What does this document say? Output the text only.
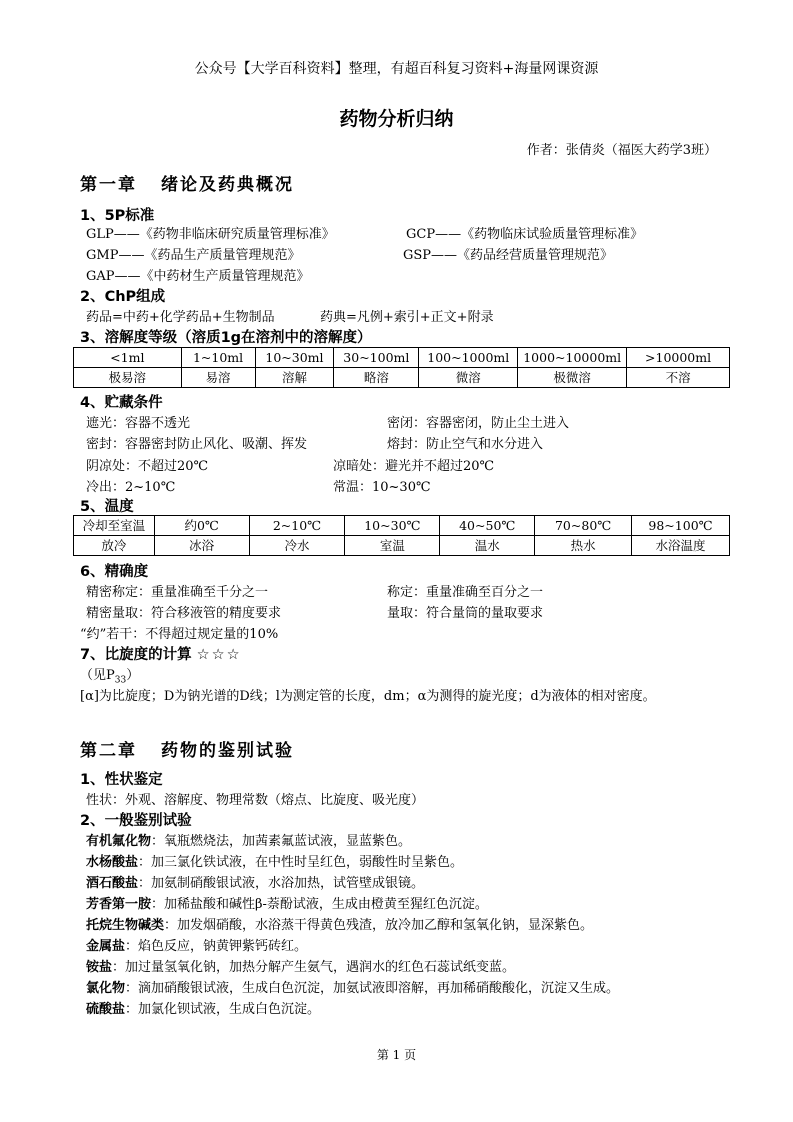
公众号【大学百科资料】整理，有超百科复习资料+海量网课资源
药物分析归纳
作者：张倩炎（福医大药学3班）
第一章 绪论及药典概况
1、5P标准
GLP——《药物非临床研究质量管理标准》	GCP——《药物临床试验质量管理标准》
GMP——《药品生产质量管理规范》	GSP——《药品经营质量管理规范》
GAP——《中药材生产质量管理规范》
2、ChP组成
药品=中药+化学药品+生物制品	药典=凡例+索引+正文+附录
3、溶解度等级（溶质1g在溶剂中的溶解度）
<1ml	1~10ml	10~30ml	30~100ml	100~1000ml	1000~10000ml	>10000ml
极易溶	易溶	溶解	略溶	微溶	极微溶	不溶
4、贮藏条件
遮光：容器不透光	密闭：容器密闭，防止尘土进入
密封：容器密封防止风化、吸潮、挥发	熔封：防止空气和水分进入
阴凉处：不超过20℃	凉暗处：避光并不超过20℃
冷出：2~10℃	常温：10~30℃
5、温度
冷却至室温	约0℃	2~10℃	10~30℃	40~50℃	70~80℃	98~100℃
放冷	冰浴	冷水	室温	温水	热水	水浴温度
6、精确度
精密称定：重量准确至千分之一	称定：重量准确至百分之一
精密量取：符合移液管的精度要求	量取：符合量筒的量取要求
“约”若干：不得超过规定量的10%
7、比旋度的计算 ☆☆☆
（见$P_{33}$）
[α]为比旋度；D为钠光谱的D线；l为测定管的长度，dm；α为测得的旋光度；d为液体的相对密度。
第二章 药物的鉴别试验
1、性状鉴定
性状：外观、溶解度、物理常数（熔点、比旋度、吸光度）
2、一般鉴别试验
有机氟化物：氧瓶燃烧法，加茜素氟蓝试液，显蓝紫色。
水杨酸盐：加三氯化铁试液，在中性时呈红色，弱酸性时呈紫色。
酒石酸盐：加氨制硝酸银试液，水浴加热，试管壁成银镜。
芳香第一胺：加稀盐酸和碱性β-萘酚试液，生成由橙黄至猩红色沉淀。
托烷生物碱类：加发烟硝酸，水浴蒸干得黄色残渣，放冷加乙醇和氢氧化钠，显深紫色。
金属盐：焰色反应，钠黄钾紫钙砖红。
铵盐：加过量氢氧化钠，加热分解产生氨气，遇润水的红色石蕊试纸变蓝。
氯化物：滴加硝酸银试液，生成白色沉淀，加氨试液即溶解，再加稀硝酸酸化，沉淀又生成。
硫酸盐：加氯化钡试液，生成白色沉淀。
第 1 页
